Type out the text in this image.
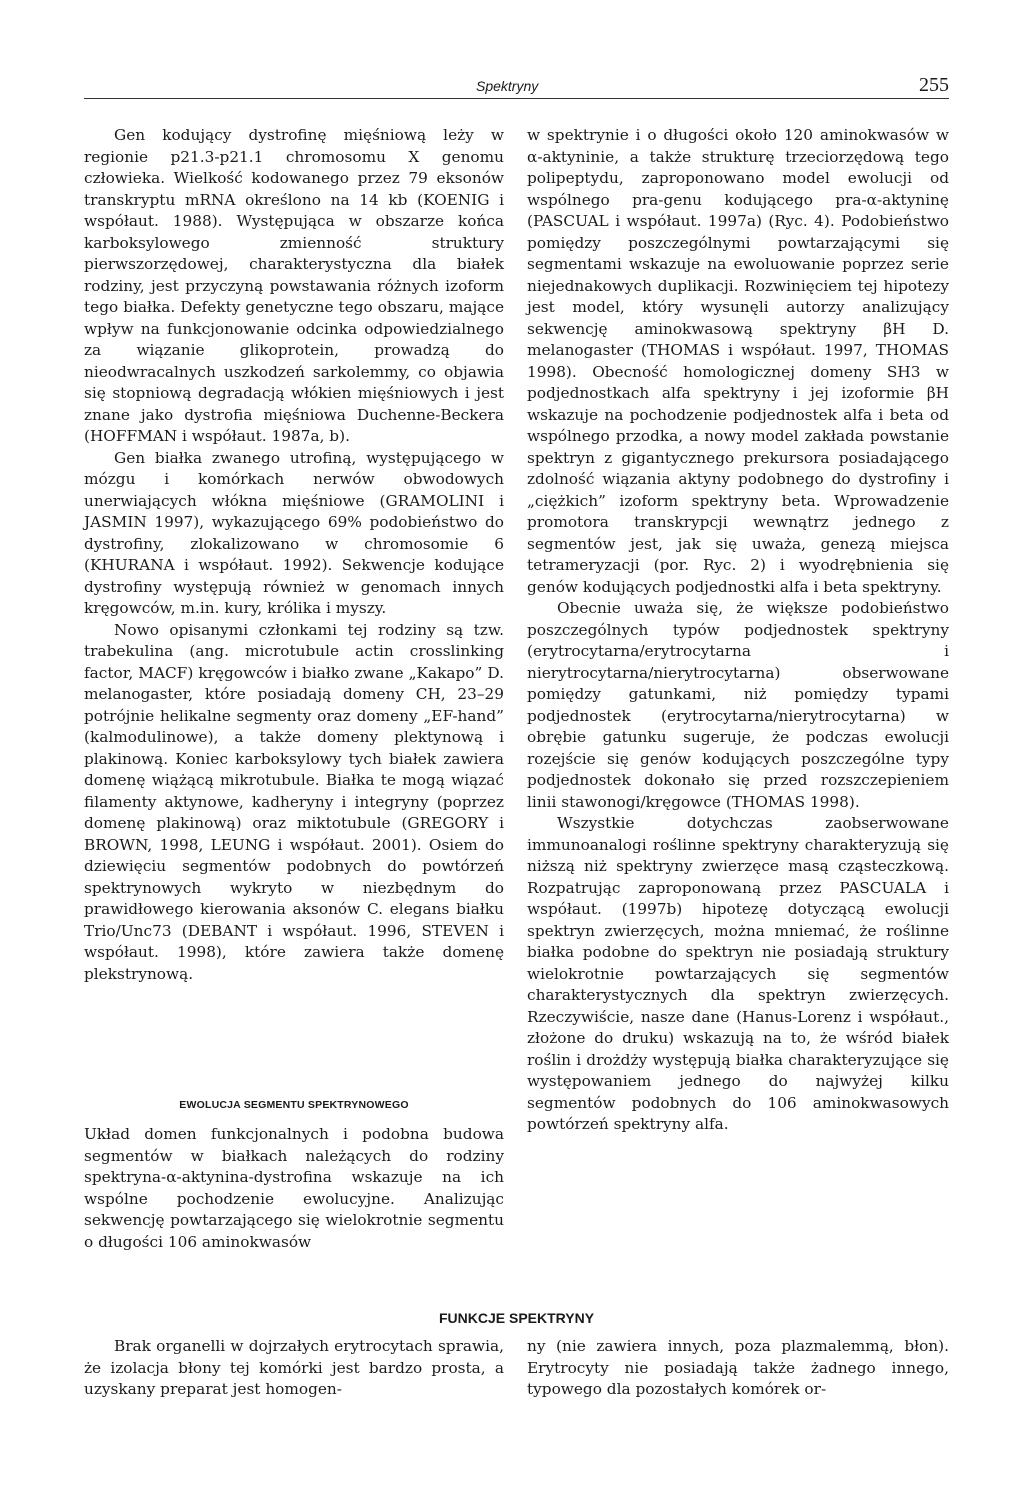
Spektryny	255

Gen kodujący dystrofinę mięśniową leży w regionie p21.3-p21.1 chromosomu X genomu człowieka. Wielkość kodowanego przez 79 eksonów transkryptu mRNA określono na 14 kb (KOENIG i współaut. 1988). Występująca w obszarze końca karboksylowego zmienność struktury pierwszorzędowej, charakterystyczna dla białek rodziny, jest przyczyną powstawania różnych izoform tego białka. Defekty genetyczne tego obszaru, mające wpływ na funkcjonowanie odcinka odpowiedzialnego za wiązanie glikoprotein, prowadzą do nieodwracalnych uszkodzeń sarkolemmy, co objawia się stopniową degradacją włókien mięśniowych i jest znane jako dystrofia mięśniowa Duchenne-Beckera (HOFFMAN i współaut. 1987a, b).

Gen białka zwanego utrofiną, występującego w mózgu i komórkach nerwów obwodowych unerwiających włókna mięśniowe (GRAMOLINI i JASMIN 1997), wykazującego 69% podobieństwo do dystrofiny, zlokalizowano w chromosomie 6 (KHURANA i współaut. 1992). Sekwencje kodujące dystrofiny występują również w genomach innych kręgowców, m.in. kury, królika i myszy.

Nowo opisanymi członkami tej rodziny są tzw. trabekulina (ang. microtubule actin crosslinking factor, MACF) kręgowców i białko zwane „Kakapo” D. melanogaster, które posiadają domeny CH, 23–29 potrójnie helikalne segmenty oraz domeny „EF-hand” (kalmodulinowe), a także domeny plektynową i plakinową. Koniec karboksylowy tych białek zawiera domenę wiążącą mikrotubule. Białka te mogą wiązać filamenty aktynowe, kadheryny i integryny (poprzez domenę plakinową) oraz miktotubule (GREGORY i BROWN, 1998, LEUNG i współaut. 2001). Osiem do dziewięciu segmentów podobnych do powtórzeń spektrynowych wykryto w niezbędnym do prawidłowego kierowania aksonów C. elegans białku Trio/Unc73 (DEBANT i współaut. 1996, STEVEN i współaut. 1998), które zawiera także domenę plekstrynową.

EWOLUCJA SEGMENTU SPEKTRYNOWEGO

Układ domen funkcjonalnych i podobna budowa segmentów w białkach należących do rodziny spektryna-α-aktynina-dystrofina wskazuje na ich wspólne pochodzenie ewolucyjne. Analizując sekwencję powtarzającego się wielokrotnie segmentu o długości 106 aminokwasów

w spektrynie i o długości około 120 aminokwasów w α-aktyninie, a także strukturę trzeciorzędową tego polipeptydu, zaproponowano model ewolucji od wspólnego pra-genu kodującego pra-α-aktyninę (PASCUAL i współaut. 1997a) (Ryc. 4). Podobieństwo pomiędzy poszczególnymi powtarzającymi się segmentami wskazuje na ewoluowanie poprzez serie niejednakowych duplikacji. Rozwinięciem tej hipotezy jest model, który wysunęli autorzy analizujący sekwencję aminokwasową spektryny βH D. melanogaster (THOMAS i współaut. 1997, THOMAS 1998). Obecność homologicznej domeny SH3 w podjednostkach alfa spektryny i jej izoformie βH wskazuje na pochodzenie podjednostek alfa i beta od wspólnego przodka, a nowy model zakłada powstanie spektryn z gigantycznego prekursora posiadającego zdolność wiązania aktyny podobnego do dystrofiny i „ciężkich” izoform spektryny beta. Wprowadzenie promotora transkrypcji wewnątrz jednego z segmentów jest, jak się uważa, genezą miejsca tetrameryzacji (por. Ryc. 2) i wyodrębnienia się genów kodujących podjednostki alfa i beta spektryny.

Obecnie uważa się, że większe podobieństwo poszczególnych typów podjednostek spektryny (erytrocytarna/erytrocytarna i nierytrocytarna/nierytrocytarna) obserwowane pomiędzy gatunkami, niż pomiędzy typami podjednostek (erytrocytarna/nierytrocytarna) w obrębie gatunku sugeruje, że podczas ewolucji rozejście się genów kodujących poszczególne typy podjednostek dokonało się przed rozszczepieniem linii stawonogi/kręgowce (THOMAS 1998).

Wszystkie dotychczas zaobserwowane immunoanalogi roślinne spektryny charakteryzują się niższą niż spektryny zwierzęce masą cząsteczkową. Rozpatrując zaproponowaną przez PASCUALA i współaut. (1997b) hipotezę dotyczącą ewolucji spektryn zwierzęcych, można mniemać, że roślinne białka podobne do spektryn nie posiadają struktury wielokrotnie powtarzających się segmentów charakterystycznych dla spektryn zwierzęcych. Rzeczywiście, nasze dane (Hanus-Lorenz i współaut., złożone do druku) wskazują na to, że wśród białek roślin i drożdży występują białka charakteryzujące się występowaniem jednego do najwyżej kilku segmentów podobnych do 106 aminokwasowych powtórzeń spektryny alfa.

FUNKCJE SPEKTRYNY

Brak organelli w dojrzałych erytrocytach sprawia, że izolacja błony tej komórki jest bardzo prosta, a uzyskany preparat jest homogen-

ny (nie zawiera innych, poza plazmalemmą, błon). Erytrocyty nie posiadają także żadnego innego, typowego dla pozostałych komórek or-
